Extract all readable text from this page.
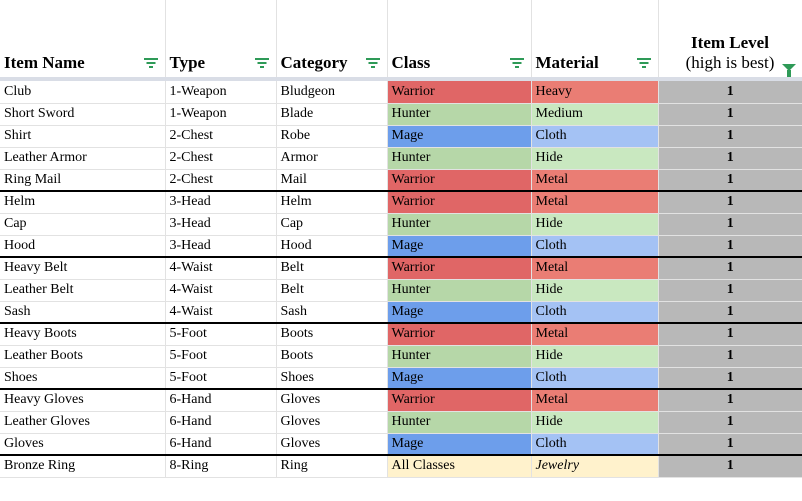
Item Name	Type	Category	Class	Material	Item Level
(high is best)

Club	1-Weapon	Bludgeon	Warrior	Heavy	1
Short Sword	1-Weapon	Blade	Hunter	Medium	1
Shirt	2-Chest	Robe	Mage	Cloth	1
Leather Armor	2-Chest	Armor	Hunter	Hide	1
Ring Mail	2-Chest	Mail	Warrior	Metal	1
Helm	3-Head	Helm	Warrior	Metal	1
Cap	3-Head	Cap	Hunter	Hide	1
Hood	3-Head	Hood	Mage	Cloth	1
Heavy Belt	4-Waist	Belt	Warrior	Metal	1
Leather Belt	4-Waist	Belt	Hunter	Hide	1
Sash	4-Waist	Sash	Mage	Cloth	1
Heavy Boots	5-Foot	Boots	Warrior	Metal	1
Leather Boots	5-Foot	Boots	Hunter	Hide	1
Shoes	5-Foot	Shoes	Mage	Cloth	1
Heavy Gloves	6-Hand	Gloves	Warrior	Metal	1
Leather Gloves	6-Hand	Gloves	Hunter	Hide	1
Gloves	6-Hand	Gloves	Mage	Cloth	1
Bronze Ring	8-Ring	Ring	All Classes	Jewelry	1
